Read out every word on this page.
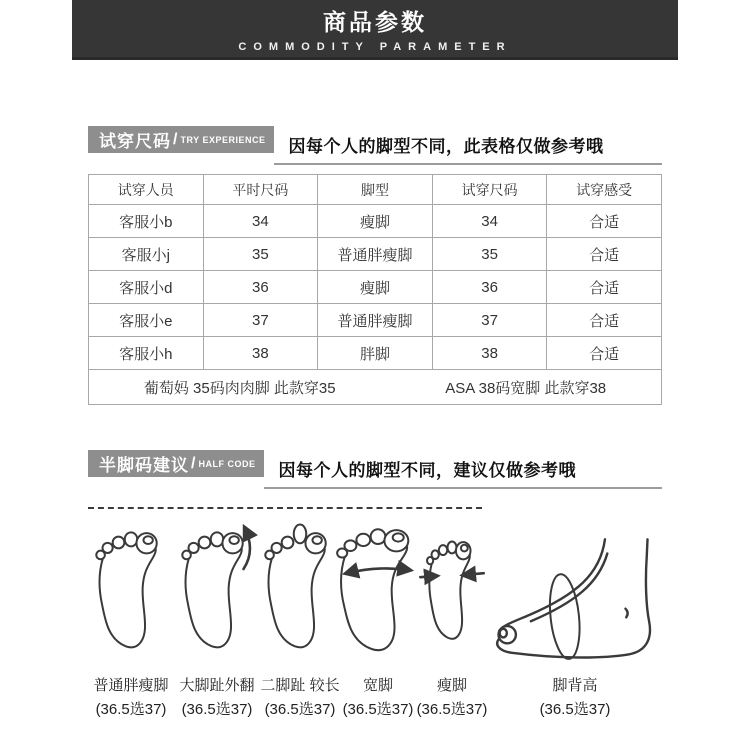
商品参数
COMMODITY PARAMETER
试穿尺码 / TRY EXPERIENCE	因每个人的脚型不同，此表格仅做参考哦
试穿人员	平时尺码	脚型	试穿尺码	试穿感受
客服小b	34	瘦脚	34	合适
客服小j	35	普通胖瘦脚	35	合适
客服小d	36	瘦脚	36	合适
客服小e	37	普通胖瘦脚	37	合适
客服小h	38	胖脚	38	合适

葡萄妈 35码肉肉脚 此款穿35 ASA 38码宽脚 此款穿38				
半脚码建议 / HALF CODE	因每个人的脚型不同，建议仅做参考哦
普通胖瘦脚
(36.5选37)
大脚趾外翻
(36.5选37)
二脚趾 较长
(36.5选37)
宽脚
(36.5选37)
瘦脚
(36.5选37)
脚背高
(36.5选37)
